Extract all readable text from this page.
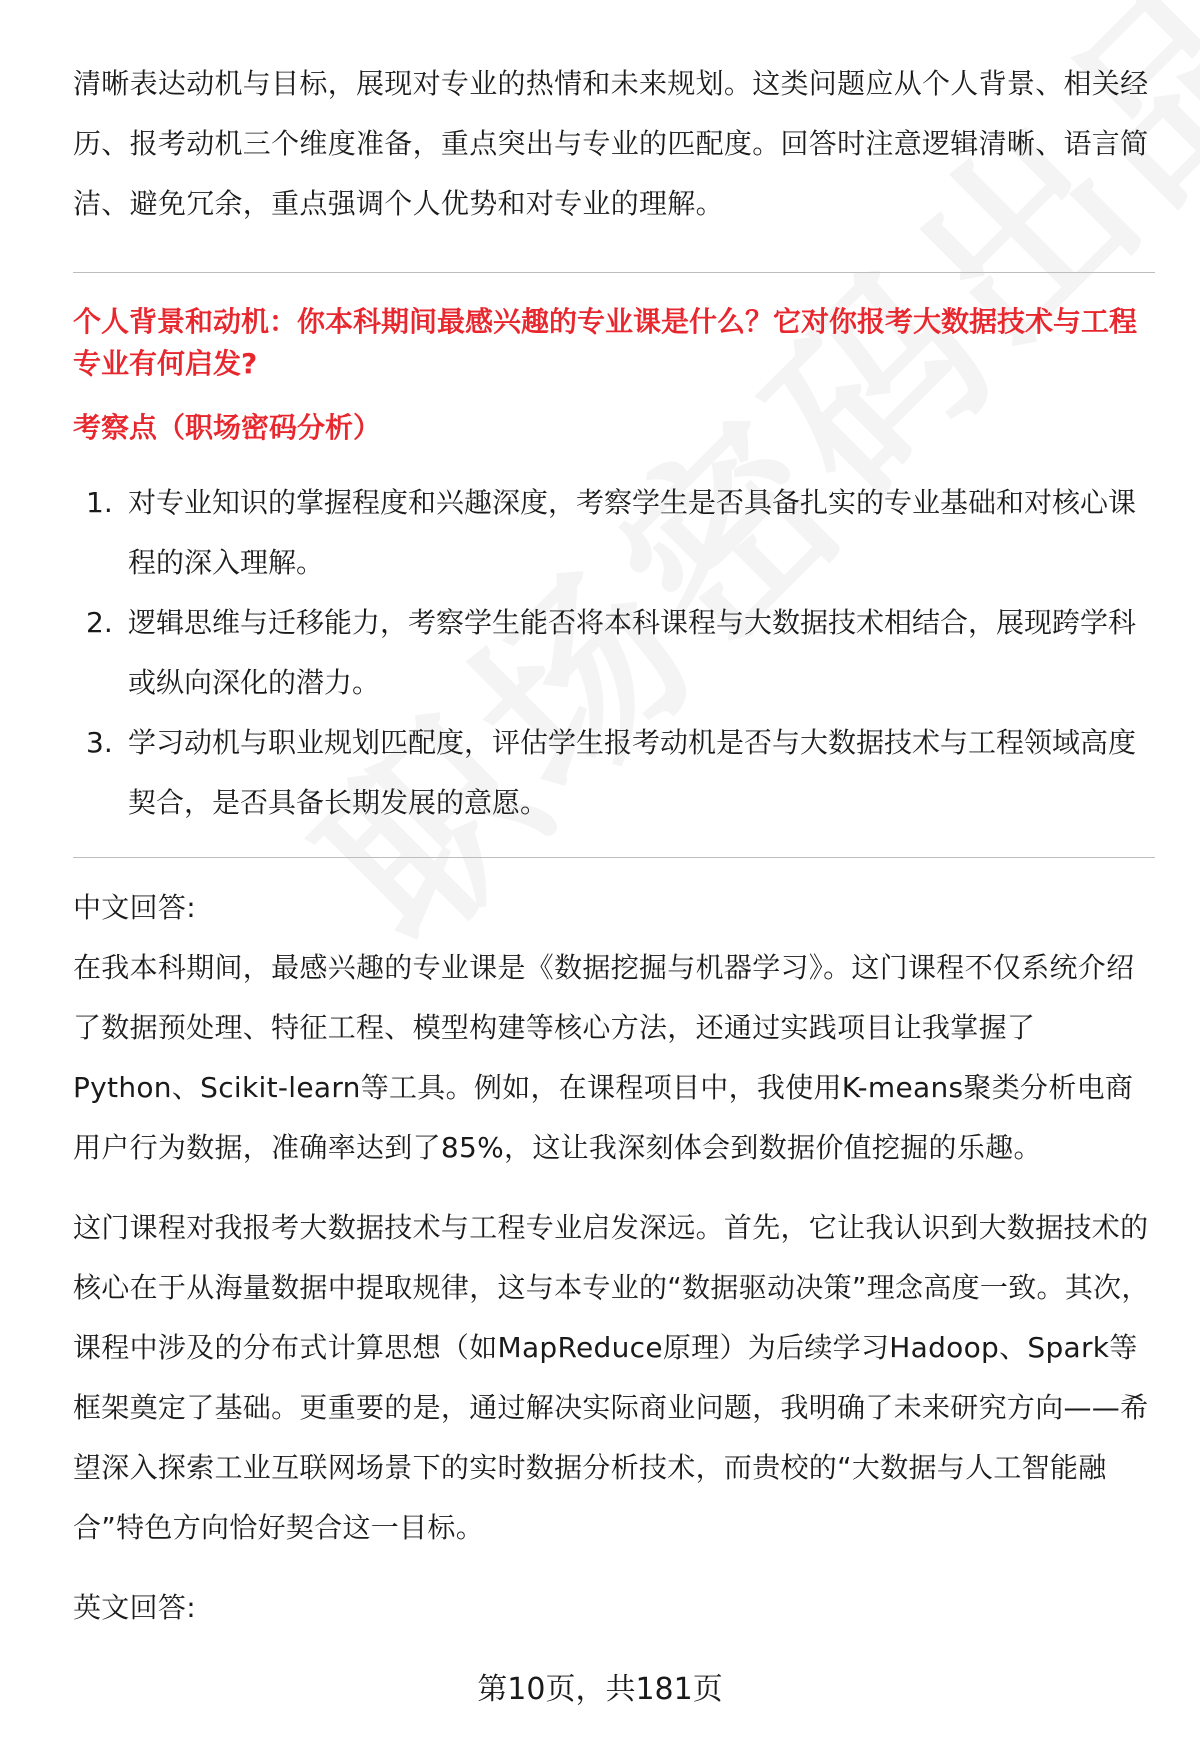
清晰表达动机与目标，展现对专业的热情和未来规划。这类问题应从个人背景、相关经历、报考动机三个维度准备，重点突出与专业的匹配度。回答时注意逻辑清晰、语言简洁、避免冗余，重点强调个人优势和对专业的理解。

个人背景和动机：你本科期间最感兴趣的专业课是什么？它对你报考大数据技术与工程专业有何启发?

考察点（职场密码分析）

1. 对专业知识的掌握程度和兴趣深度，考察学生是否具备扎实的专业基础和对核心课程的深入理解。
2. 逻辑思维与迁移能力，考察学生能否将本科课程与大数据技术相结合，展现跨学科或纵向深化的潜力。
3. 学习动机与职业规划匹配度，评估学生报考动机是否与大数据技术与工程领域高度契合，是否具备长期发展的意愿。

中文回答:

在我本科期间，最感兴趣的专业课是《数据挖掘与机器学习》。这门课程不仅系统介绍了数据预处理、特征工程、模型构建等核心方法，还通过实践项目让我掌握了Python、Scikit-learn等工具。例如，在课程项目中，我使用K-means聚类分析电商用户行为数据，准确率达到了85%，这让我深刻体会到数据价值挖掘的乐趣。

这门课程对我报考大数据技术与工程专业启发深远。首先，它让我认识到大数据技术的核心在于从海量数据中提取规律，这与本专业的“数据驱动决策”理念高度一致。其次，课程中涉及的分布式计算思想（如MapReduce原理）为后续学习Hadoop、Spark等框架奠定了基础。更重要的是，通过解决实际商业问题，我明确了未来研究方向——希望深入探索工业互联网场景下的实时数据分析技术，而贵校的“大数据与人工智能融合”特色方向恰好契合这一目标。

英文回答:

第10页，共181页
